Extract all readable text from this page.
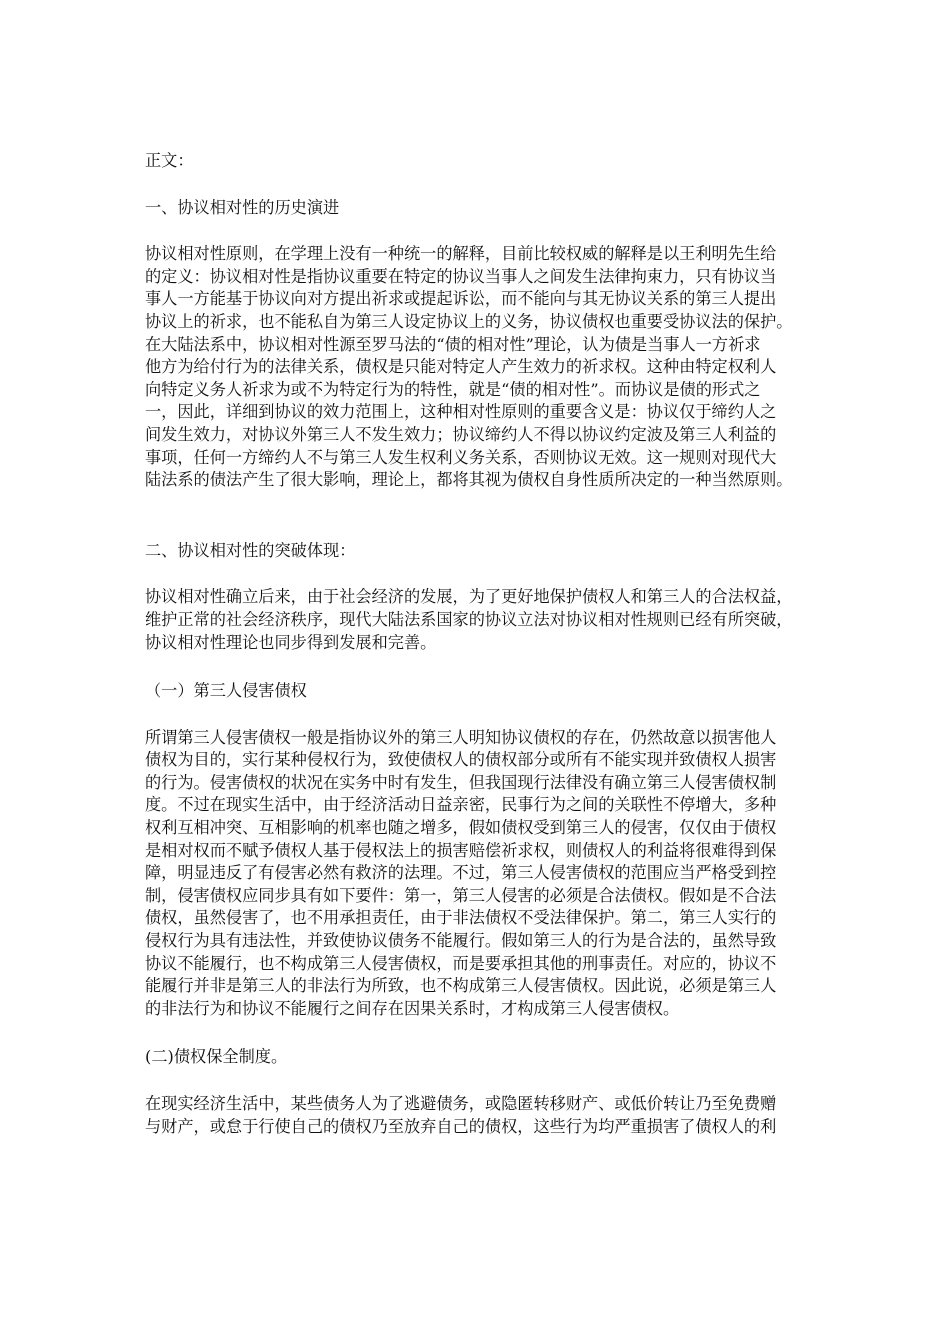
正文：
一、协议相对性的历史演进
协议相对性原则，在学理上没有一种统一的解释，目前比较权威的解释是以王利明先生给
的定义：协议相对性是指协议重要在特定的协议当事人之间发生法律拘束力，只有协议当
事人一方能基于协议向对方提出祈求或提起诉讼，而不能向与其无协议关系的第三人提出
协议上的祈求，也不能私自为第三人设定协议上的义务，协议债权也重要受协议法的保护。
在大陆法系中，协议相对性源至罗马法的“债的相对性”理论，认为债是当事人一方祈求
他方为给付行为的法律关系，债权是只能对特定人产生效力的祈求权。这种由特定权利人
向特定义务人祈求为或不为特定行为的特性，就是“债的相对性”。而协议是债的形式之
一，因此，详细到协议的效力范围上，这种相对性原则的重要含义是：协议仅于缔约人之
间发生效力，对协议外第三人不发生效力；协议缔约人不得以协议约定波及第三人利益的
事项，任何一方缔约人不与第三人发生权利义务关系，否则协议无效。这一规则对现代大
陆法系的债法产生了很大影响，理论上，都将其视为债权自身性质所决定的一种当然原则。
二、协议相对性的突破体现：
协议相对性确立后来，由于社会经济的发展，为了更好地保护债权人和第三人的合法权益，
维护正常的社会经济秩序，现代大陆法系国家的协议立法对协议相对性规则已经有所突破，
协议相对性理论也同步得到发展和完善。
（一）第三人侵害债权
所谓第三人侵害债权一般是指协议外的第三人明知协议债权的存在，仍然故意以损害他人
债权为目的，实行某种侵权行为，致使债权人的债权部分或所有不能实现并致债权人损害
的行为。侵害债权的状况在实务中时有发生，但我国现行法律没有确立第三人侵害债权制
度。不过在现实生活中，由于经济活动日益亲密，民事行为之间的关联性不停增大，多种
权利互相冲突、互相影响的机率也随之增多，假如债权受到第三人的侵害，仅仅由于债权
是相对权而不赋予债权人基于侵权法上的损害赔偿祈求权，则债权人的利益将很难得到保
障，明显违反了有侵害必然有救济的法理。不过，第三人侵害债权的范围应当严格受到控
制，侵害债权应同步具有如下要件：第一，第三人侵害的必须是合法债权。假如是不合法
债权，虽然侵害了，也不用承担责任，由于非法债权不受法律保护。第二，第三人实行的
侵权行为具有违法性，并致使协议债务不能履行。假如第三人的行为是合法的，虽然导致
协议不能履行，也不构成第三人侵害债权，而是要承担其他的刑事责任。对应的，协议不
能履行并非是第三人的非法行为所致，也不构成第三人侵害债权。因此说，必须是第三人
的非法行为和协议不能履行之间存在因果关系时，才构成第三人侵害债权。
(二)债权保全制度。
在现实经济生活中，某些债务人为了逃避债务，或隐匿转移财产、或低价转让乃至免费赠
与财产，或怠于行使自己的债权乃至放弃自己的债权，这些行为均严重损害了债权人的利
